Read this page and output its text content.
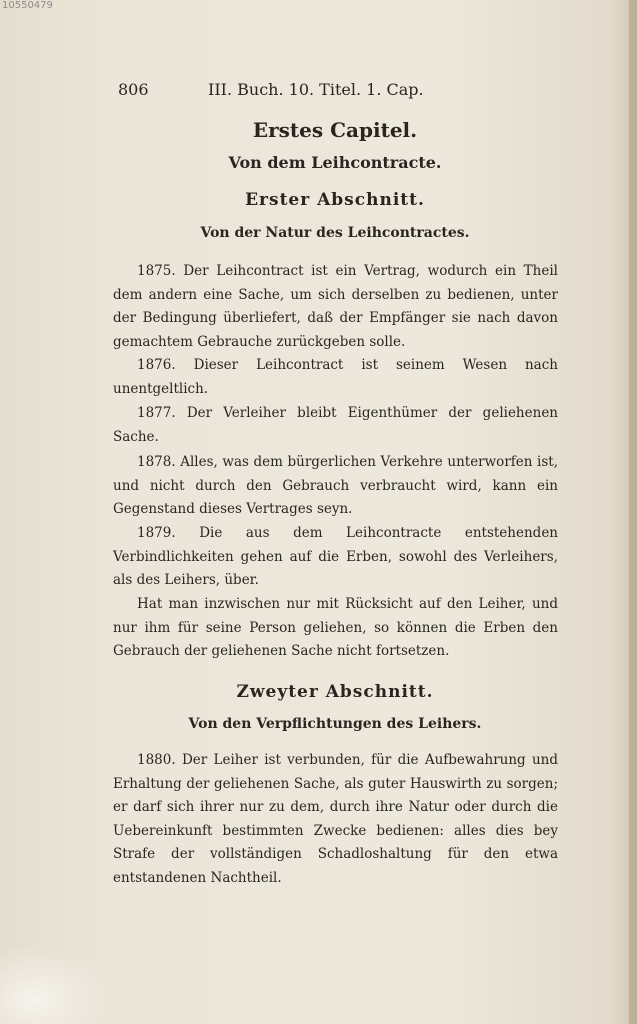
10550479
806	III. Buch. 10. Titel. 1. Cap.
Erstes Capitel.
Von dem Leihcontracte.
Erster Abschnitt.
Von der Natur des Leihcontractes.
1875. Der Leihcontract ist ein Vertrag, wodurch ein Theil dem andern eine Sache, um sich derselben zu bedienen, unter der Bedingung überliefert, daß der Empfänger sie nach davon gemachtem Gebrauche zurückgeben solle.
1876. Dieser Leihcontract ist seinem Wesen nach unentgeltlich.
1877. Der Verleiher bleibt Eigenthümer der geliehenen Sache.
1878. Alles, was dem bürgerlichen Verkehre unterworfen ist, und nicht durch den Gebrauch verbraucht wird, kann ein Gegenstand dieses Vertrages seyn.
1879. Die aus dem Leihcontracte entstehenden Verbindlichkeiten gehen auf die Erben, sowohl des Verleihers, als des Leihers, über.
Hat man inzwischen nur mit Rücksicht auf den Leiher, und nur ihm für seine Person geliehen, so können die Erben den Gebrauch der geliehenen Sache nicht fortsetzen.
Zweyter Abschnitt.
Von den Verpflichtungen des Leihers.
1880. Der Leiher ist verbunden, für die Aufbewahrung und Erhaltung der geliehenen Sache, als guter Hauswirth zu sorgen; er darf sich ihrer nur zu dem, durch ihre Natur oder durch die Uebereinkunft bestimmten Zwecke bedienen: alles dies bey Strafe der vollständigen Schadloshaltung für den etwa entstandenen Nachtheil.
